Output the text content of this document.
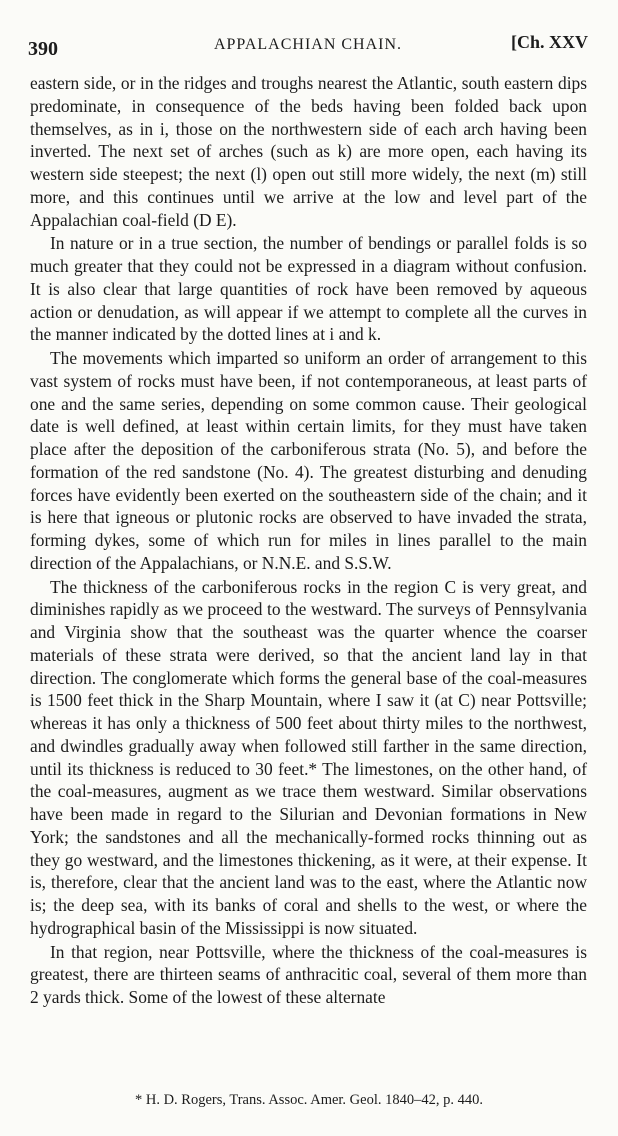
390	APPALACHIAN CHAIN.	[Ch. XXV

eastern side, or in the ridges and troughs nearest the Atlantic, south eastern dips predominate, in consequence of the beds having been folded back upon themselves, as in i, those on the northwestern side of each arch having been inverted. The next set of arches (such as k) are more open, each having its western side steepest; the next (l) open out still more widely, the next (m) still more, and this continues until we arrive at the low and level part of the Appalachian coal-field (D E).

In nature or in a true section, the number of bendings or parallel folds is so much greater that they could not be expressed in a diagram without confusion. It is also clear that large quantities of rock have been removed by aqueous action or denudation, as will appear if we attempt to complete all the curves in the manner indicated by the dotted lines at i and k.

The movements which imparted so uniform an order of arrangement to this vast system of rocks must have been, if not contemporaneous, at least parts of one and the same series, depending on some common cause. Their geological date is well defined, at least within certain limits, for they must have taken place after the deposition of the carboniferous strata (No. 5), and before the formation of the red sandstone (No. 4). The greatest disturbing and denuding forces have evidently been exerted on the southeastern side of the chain; and it is here that igneous or plutonic rocks are observed to have invaded the strata, forming dykes, some of which run for miles in lines parallel to the main direction of the Appalachians, or N.N.E. and S.S.W.

The thickness of the carboniferous rocks in the region C is very great, and diminishes rapidly as we proceed to the westward. The surveys of Pennsylvania and Virginia show that the southeast was the quarter whence the coarser materials of these strata were derived, so that the ancient land lay in that direction. The conglomerate which forms the general base of the coal-measures is 1500 feet thick in the Sharp Mountain, where I saw it (at C) near Pottsville; whereas it has only a thickness of 500 feet about thirty miles to the northwest, and dwindles gradually away when followed still farther in the same direction, until its thickness is reduced to 30 feet.* The limestones, on the other hand, of the coal-measures, augment as we trace them westward. Similar observations have been made in regard to the Silurian and Devonian formations in New York; the sandstones and all the mechanically-formed rocks thinning out as they go westward, and the limestones thickening, as it were, at their expense. It is, therefore, clear that the ancient land was to the east, where the Atlantic now is; the deep sea, with its banks of coral and shells to the west, or where the hydrographical basin of the Mississippi is now situated.

In that region, near Pottsville, where the thickness of the coal-measures is greatest, there are thirteen seams of anthracitic coal, several of them more than 2 yards thick. Some of the lowest of these alternate

* H. D. Rogers, Trans. Assoc. Amer. Geol. 1840–42, p. 440.
